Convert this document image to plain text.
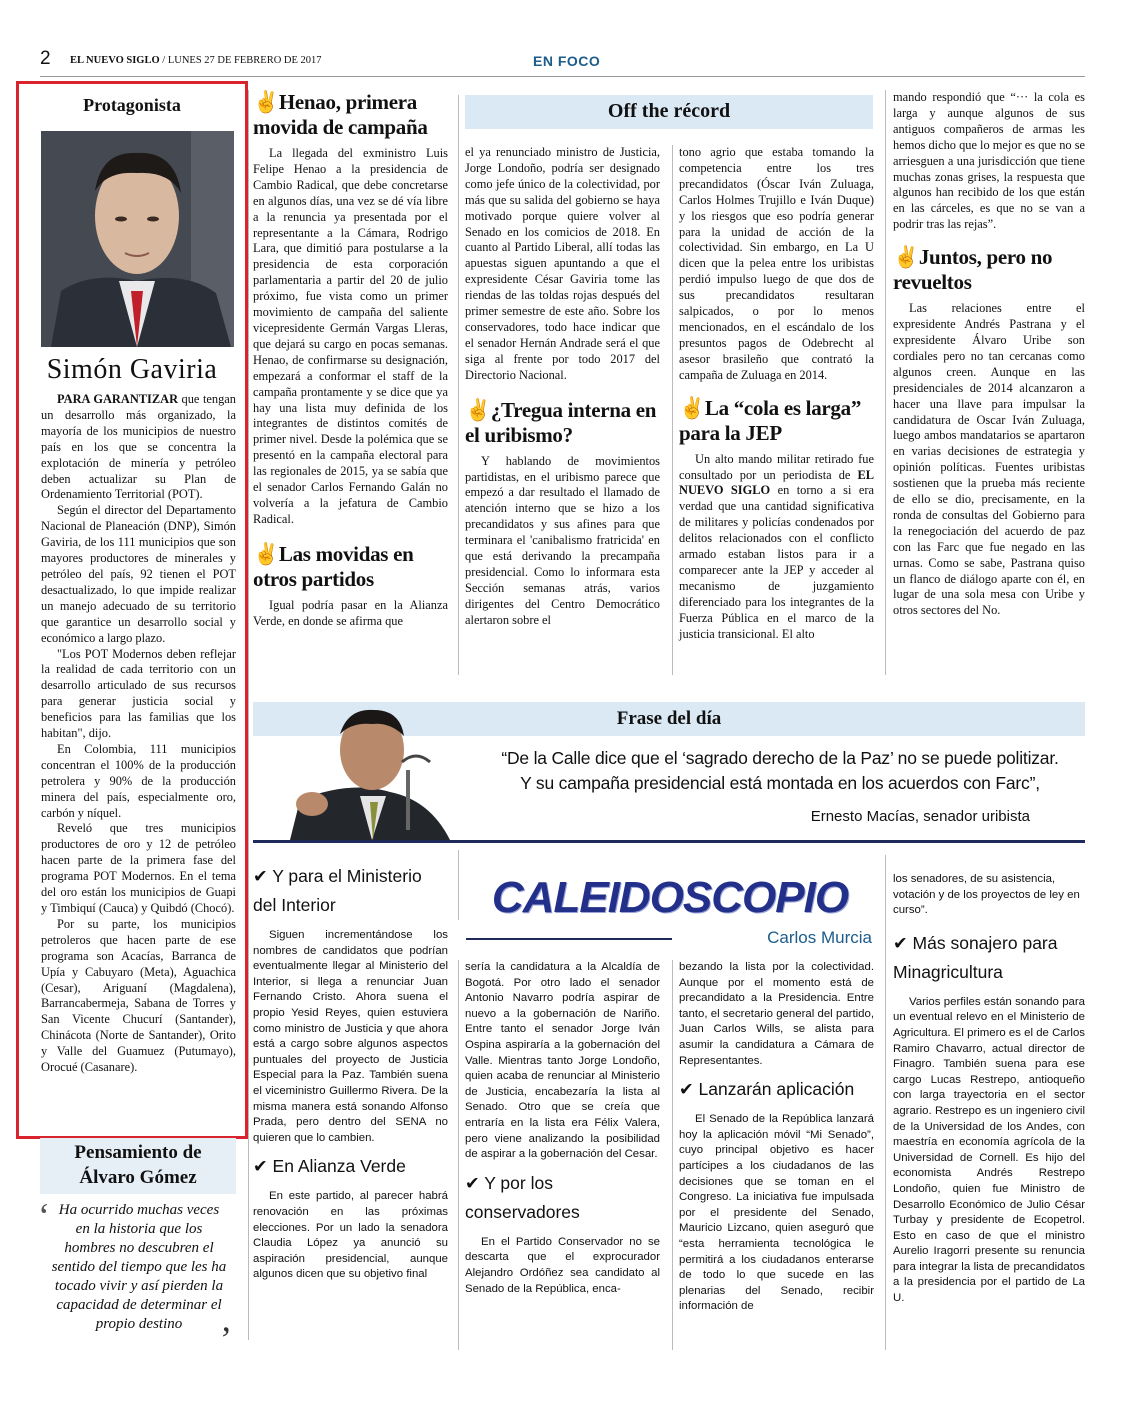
2 EL NUEVO SIGLO / LUNES 27 DE FEBRERO DE 2017	EN FOCO
Protagonista
Simón Gaviria

PARA GARANTIZAR que tengan un desarrollo más organizado, la mayoría de los municipios de nuestro país en los que se concentra la explotación de minería y petróleo deben actualizar su Plan de Ordenamiento Territorial (POT).

Según el director del Departamento Nacional de Planeación (DNP), Simón Gaviria, de los 111 municipios que son mayores productores de minerales y petróleo del país, 92 tienen el POT desactualizado, lo que impide realizar un manejo adecuado de su territorio que garantice un desarrollo social y económico a largo plazo.

"Los POT Modernos deben reflejar la realidad de cada territorio con un desarrollo articulado de sus recursos para generar justicia social y beneficios para las familias que los habitan", dijo.

En Colombia, 111 municipios concentran el 100% de la producción petrolera y 90% de la producción minera del país, especialmente oro, carbón y níquel.

Reveló que tres municipios productores de oro y 12 de petróleo hacen parte de la primera fase del programa POT Modernos. En el tema del oro están los municipios de Guapi y Timbiquí (Cauca) y Quibdó (Chocó).

Por su parte, los municipios petroleros que hacen parte de ese programa son Acacías, Barranca de Upía y Cabuyaro (Meta), Aguachica (Cesar), Ariguaní (Magdalena), Barrancabermeja, Sabana de Torres y San Vicente Chucurí (Santander), Chinácota (Norte de Santander), Orito y Valle del Guamuez (Putumayo), Orocué (Casanare).

Pensamiento de
Álvaro Gómez
‘ Ha ocurrido muchas veces en la historia que los hombres no descubren el sentido del tiempo que les ha tocado vivir y así pierden la capacidad de determinar el propio destino	’
Off the récord
✌Henao, primera movida de campaña

La llegada del exministro Luis Felipe Henao a la presidencia de Cambio Radical, que debe concretarse en algunos días, una vez se dé vía libre a la renuncia ya presentada por el representante a la Cámara, Rodrigo Lara, que dimitió para postularse a la presidencia de esta corporación parlamentaria a partir del 20 de julio próximo, fue vista como un primer movimiento de campaña del saliente vicepresidente Germán Vargas Lleras, que dejará su cargo en pocas semanas. Henao, de confirmarse su designación, empezará a conformar el staff de la campaña prontamente y se dice que ya hay una lista muy definida de los integrantes de distintos comités de primer nivel. Desde la polémica que se presentó en la campaña electoral para las regionales de 2015, ya se sabía que el senador Carlos Fernando Galán no volvería a la jefatura de Cambio Radical.

✌Las movidas en otros partidos

Igual podría pasar en la Alianza Verde, en donde se afirma que

el ya renunciado ministro de Justicia, Jorge Londoño, podría ser designado como jefe único de la colectividad, por más que su salida del gobierno se haya motivado porque quiere volver al Senado en los comicios de 2018. En cuanto al Partido Liberal, allí todas las apuestas siguen apuntando a que el expresidente César Gaviria tome las riendas de las toldas rojas después del primer semestre de este año. Sobre los conservadores, todo hace indicar que el senador Hernán Andrade será el que siga al frente por todo 2017 del Directorio Nacional.

✌¿Tregua interna en el uribismo?

Y hablando de movimientos partidistas, en el uribismo parece que empezó a dar resultado el llamado de atención interno que se hizo a los precandidatos y sus afines para que terminara el 'canibalismo fratricida' en que está derivando la precampaña presidencial. Como lo informara esta Sección semanas atrás, varios dirigentes del Centro Democrático alertaron sobre el

tono agrio que estaba tomando la competencia entre los tres precandidatos (Óscar Iván Zuluaga, Carlos Holmes Trujillo e Iván Duque) y los riesgos que eso podría generar para la unidad de acción de la colectividad. Sin embargo, en La U dicen que la pelea entre los uribistas perdió impulso luego de que dos de sus precandidatos resultaran salpicados, o por lo menos mencionados, en el escándalo de los presuntos pagos de Odebrecht al asesor brasileño que contrató la campaña de Zuluaga en 2014.

✌La “cola es larga” para la JEP

Un alto mando militar retirado fue consultado por un periodista de EL NUEVO SIGLO en torno a si era verdad que una cantidad significativa de militares y policías condenados por delitos relacionados con el conflicto armado estaban listos para ir a comparecer ante la JEP y acceder al mecanismo de juzgamiento diferenciado para los integrantes de la Fuerza Pública en el marco de la justicia transicional. El alto

mando respondió que “··· la cola es larga y aunque algunos de sus antiguos compañeros de armas les hemos dicho que lo mejor es que no se arriesguen a una jurisdicción que tiene muchas zonas grises, la respuesta que algunos han recibido de los que están en las cárceles, es que no se van a podrir tras las rejas”.

✌Juntos, pero no revueltos

Las relaciones entre el expresidente Andrés Pastrana y el expresidente Álvaro Uribe son cordiales pero no tan cercanas como algunos creen. Aunque en las presidenciales de 2014 alcanzaron a hacer una llave para impulsar la candidatura de Oscar Iván Zuluaga, luego ambos mandatarios se apartaron en varias decisiones de estrategia y opinión políticas. Fuentes uribistas sostienen que la prueba más reciente de ello se dio, precisamente, en la ronda de consultas del Gobierno para la renegociación del acuerdo de paz con las Farc que fue negado en las urnas. Como se sabe, Pastrana quiso un flanco de diálogo aparte con él, en lugar de una sola mesa con Uribe y otros sectores del No.

Frase del día
“De la Calle dice que el ‘sagrado derecho de la Paz’ no se puede politizar.
Y su campaña presidencial está montada en los acuerdos con Farc”,
Ernesto Macías, senador uribista
CALEIDOSCOPIO
Carlos Murcia
✔ Y para el Ministerio del Interior

Siguen incrementándose los nombres de candidatos que podrían eventualmente llegar al Ministerio del Interior, si llega a renunciar Juan Fernando Cristo. Ahora suena el propio Yesid Reyes, quien estuviera como ministro de Justicia y que ahora está a cargo sobre algunos aspectos puntuales del proyecto de Justicia Especial para la Paz. También suena el viceministro Guillermo Rivera. De la misma manera está sonando Alfonso Prada, pero dentro del SENA no quieren que lo cambien.

✔ En Alianza Verde

En este partido, al parecer habrá renovación en las próximas elecciones. Por un lado la senadora Claudia López ya anunció su aspiración presidencial, aunque algunos dicen que su objetivo final

sería la candidatura a la Alcaldía de Bogotá. Por otro lado el senador Antonio Navarro podría aspirar de nuevo a la gobernación de Nariño. Entre tanto el senador Jorge Iván Ospina aspiraría a la gobernación del Valle. Mientras tanto Jorge Londoño, quien acaba de renunciar al Ministerio de Justicia, encabezaría la lista al Senado. Otro que se creía que entraría en la lista era Félix Valera, pero viene analizando la posibilidad de aspirar a la gobernación del Cesar.

✔ Y por los conservadores

En el Partido Conservador no se descarta que el exprocurador Alejandro Ordóñez sea candidato al Senado de la República, enca-

bezando la lista por la colectividad. Aunque por el momento está de precandidato a la Presidencia. Entre tanto, el secretario general del partido, Juan Carlos Wills, se alista para asumir la candidatura a Cámara de Representantes.

✔ Lanzarán aplicación

El Senado de la República lanzará hoy la aplicación móvil “Mi Senado”, cuyo principal objetivo es hacer partícipes a los ciudadanos de las decisiones que se toman en el Congreso. La iniciativa fue impulsada por el presidente del Senado, Mauricio Lizcano, quien aseguró que “esta herramienta tecnológica le permitirá a los ciudadanos enterarse de todo lo que sucede en las plenarias del Senado, recibir información de

los senadores, de su asistencia, votación y de los proyectos de ley en curso”.

✔ Más sonajero para Minagricultura

Varios perfiles están sonando para un eventual relevo en el Ministerio de Agricultura. El primero es el de Carlos Ramiro Chavarro, actual director de Finagro. También suena para ese cargo Lucas Restrepo, antioqueño con larga trayectoria en el sector agrario. Restrepo es un ingeniero civil de la Universidad de los Andes, con maestría en economía agrícola de la Universidad de Cornell. Es hijo del economista Andrés Restrepo Londoño, quien fue Ministro de Desarrollo Económico de Julio César Turbay y presidente de Ecopetrol. Esto en caso de que el ministro Aurelio Iragorri presente su renuncia para integrar la lista de precandidatos a la presidencia por el partido de La U.
